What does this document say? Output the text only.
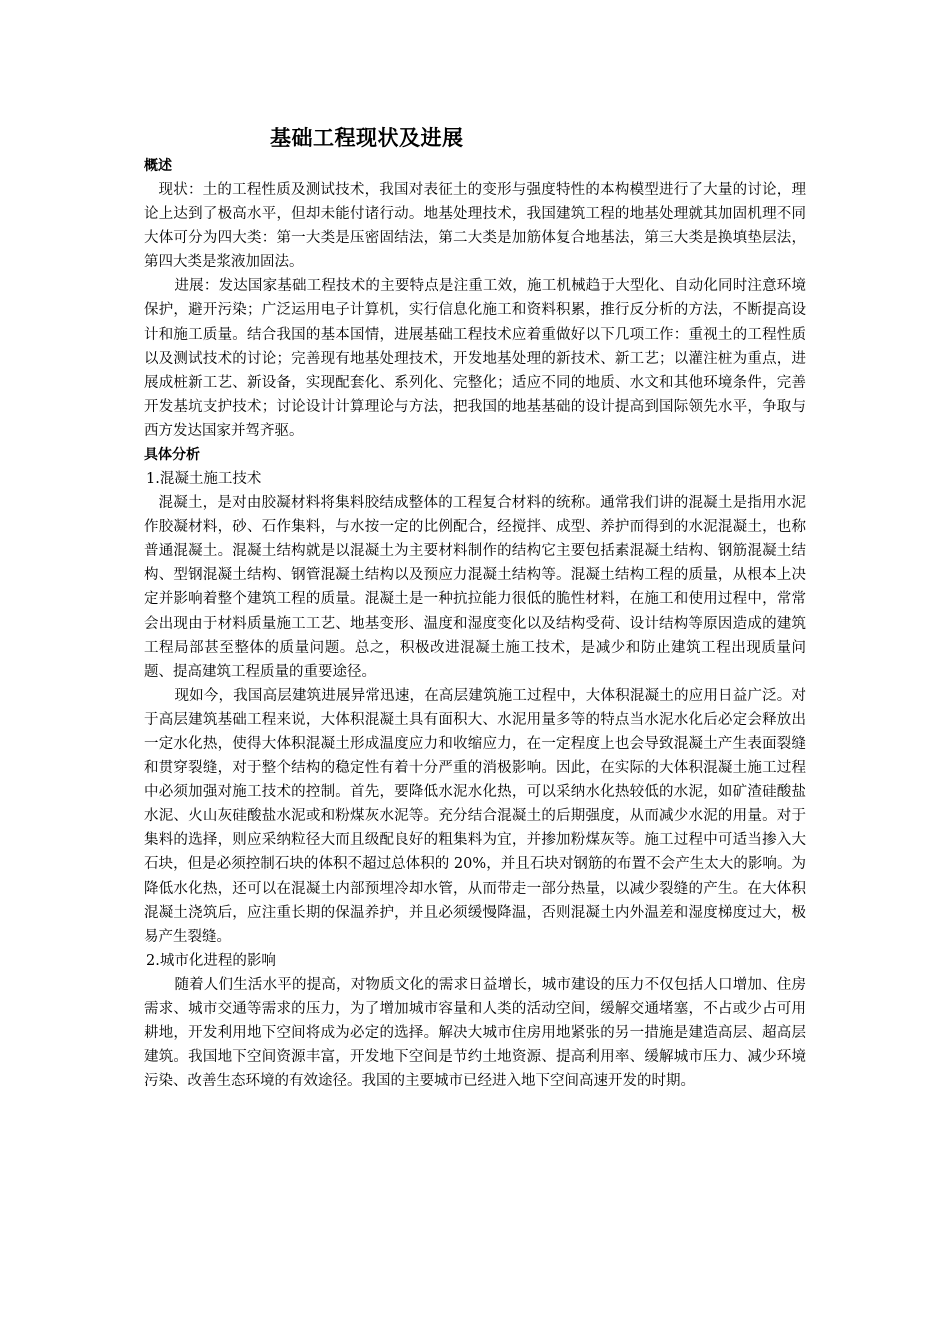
基础工程现状及进展
概述

现状：土的工程性质及测试技术，我国对表征土的变形与强度特性的本构模型进行了大量的讨论，理论上达到了极高水平，但却未能付诸行动。地基处理技术，我国建筑工程的地基处理就其加固机理不同大体可分为四大类：第一大类是压密固结法，第二大类是加筋体复合地基法，第三大类是换填垫层法，第四大类是浆液加固法。

进展：发达国家基础工程技术的主要特点是注重工效，施工机械趋于大型化、自动化同时注意环境保护，避开污染；广泛运用电子计算机，实行信息化施工和资料积累，推行反分析的方法，不断提高设计和施工质量。结合我国的基本国情，进展基础工程技术应着重做好以下几项工作：重视土的工程性质以及测试技术的讨论；完善现有地基处理技术，开发地基处理的新技术、新工艺；以灌注桩为重点，进展成桩新工艺、新设备，实现配套化、系列化、完整化；适应不同的地质、水文和其他环境条件，完善开发基坑支护技术；讨论设计计算理论与方法，把我国的地基基础的设计提高到国际领先水平，争取与西方发达国家并驾齐驱。

具体分析
1.混凝土施工技术

混凝土，是对由胶凝材料将集料胶结成整体的工程复合材料的统称。通常我们讲的混凝土是指用水泥作胶凝材料，砂、石作集料，与水按一定的比例配合，经搅拌、成型、养护而得到的水泥混凝土，也称普通混凝土。混凝土结构就是以混凝土为主要材料制作的结构它主要包括素混凝土结构、钢筋混凝土结构、型钢混凝土结构、钢管混凝土结构以及预应力混凝土结构等。混凝土结构工程的质量，从根本上决定并影响着整个建筑工程的质量。混凝土是一种抗拉能力很低的脆性材料，在施工和使用过程中，常常会出现由于材料质量施工工艺、地基变形、温度和湿度变化以及结构受荷、设计结构等原因造成的建筑工程局部甚至整体的质量问题。总之，积极改进混凝土施工技术，是减少和防止建筑工程出现质量问题、提高建筑工程质量的重要途径。

现如今，我国高层建筑进展异常迅速，在高层建筑施工过程中，大体积混凝土的应用日益广泛。对于高层建筑基础工程来说，大体积混凝土具有面积大、水泥用量多等的特点当水泥水化后必定会释放出一定水化热，使得大体积混凝土形成温度应力和收缩应力，在一定程度上也会导致混凝土产生表面裂缝和贯穿裂缝，对于整个结构的稳定性有着十分严重的消极影响。因此，在实际的大体积混凝土施工过程中必须加强对施工技术的控制。首先，要降低水泥水化热，可以采纳水化热较低的水泥，如矿渣硅酸盐水泥、火山灰硅酸盐水泥或和粉煤灰水泥等。充分结合混凝土的后期强度，从而减少水泥的用量。对于集料的选择，则应采纳粒径大而且级配良好的粗集料为宜，并掺加粉煤灰等。施工过程中可适当掺入大石块，但是必须控制石块的体积不超过总体积的 20%，并且石块对钢筋的布置不会产生太大的影响。为降低水化热，还可以在混凝土内部预埋冷却水管，从而带走一部分热量，以减少裂缝的产生。在大体积混凝土浇筑后，应注重长期的保温养护，并且必须缓慢降温，否则混凝土内外温差和湿度梯度过大，极易产生裂缝。

2.城市化进程的影响

随着人们生活水平的提高，对物质文化的需求日益增长，城市建设的压力不仅包括人口增加、住房需求、城市交通等需求的压力，为了增加城市容量和人类的活动空间，缓解交通堵塞，不占或少占可用耕地，开发利用地下空间将成为必定的选择。解决大城市住房用地紧张的另一措施是建造高层、超高层建筑。我国地下空间资源丰富，开发地下空间是节约土地资源、提高利用率、缓解城市压力、减少环境污染、改善生态环境的有效途径。我国的主要城市已经进入地下空间高速开发的时期。
